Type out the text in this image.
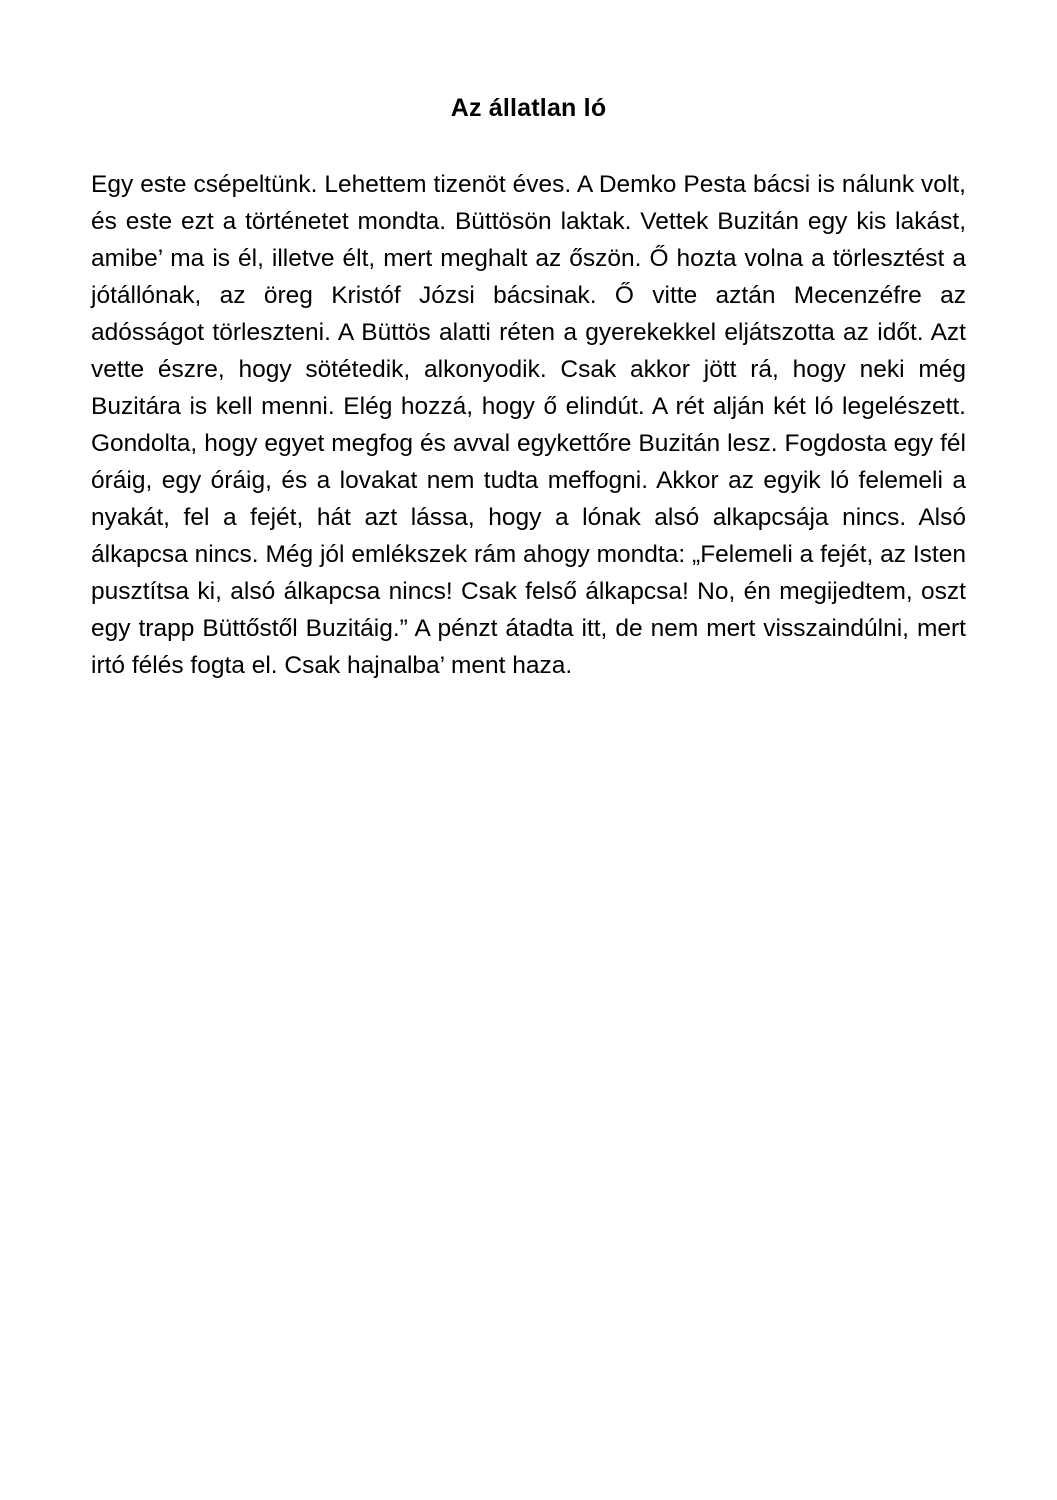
Az állatlan ló

Egy este csépeltünk. Lehettem tizenöt éves. A Demko Pesta bácsi is nálunk volt, és este ezt a történetet mondta. Büttösön laktak. Vettek Buzitán egy kis lakást, amibe’ ma is él, illetve élt, mert meghalt az őszön. Ő hozta volna a törlesztést a jótállónak, az öreg Kristóf Józsi bácsinak. Ő vitte aztán Mecenzéfre az adósságot törleszteni. A Büttös alatti réten a gyerekekkel eljátszotta az időt. Azt vette észre, hogy sötétedik, alkonyodik. Csak akkor jött rá, hogy neki még Buzitára is kell menni. Elég hozzá, hogy ő elindút. A rét alján két ló legelészett. Gondolta, hogy egyet megfog és avval egykettőre Buzitán lesz. Fogdosta egy fél óráig, egy óráig, és a lovakat nem tudta meffogni. Akkor az egyik ló felemeli a nyakát, fel a fejét, hát azt lássa, hogy a lónak alsó alkapcsája nincs. Alsó álkapcsa nincs. Még jól emlékszek rám ahogy mondta: „Felemeli a fejét, az Isten pusztítsa ki, alsó álkapcsa nincs! Csak felső álkapcsa! No, én megijedtem, oszt egy trapp Büttőstől Buzitáig.” A pénzt átadta itt, de nem mert visszaindúlni, mert irtó félés fogta el. Csak hajnalba’ ment haza.
